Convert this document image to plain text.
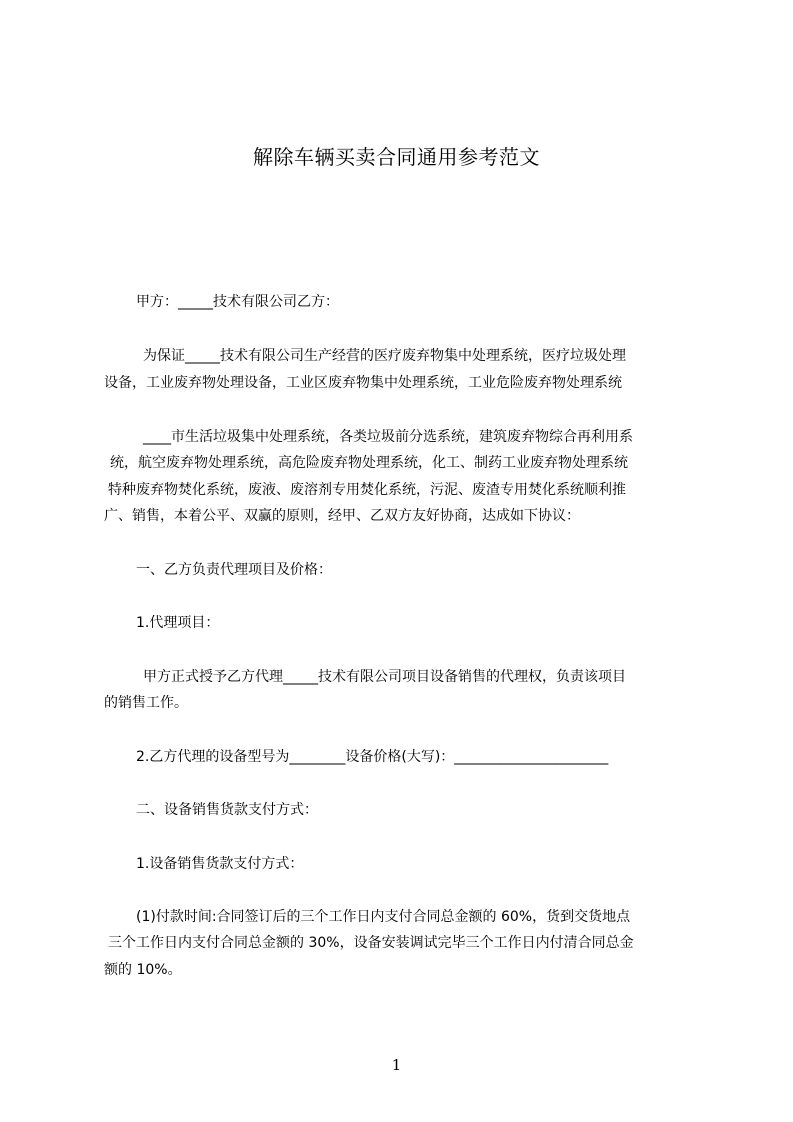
解除车辆买卖合同通用参考范文
甲方：_____技术有限公司乙方：
为保证_____技术有限公司生产经营的医疗废弃物集中处理系统，医疗垃圾处理
设备，工业废弃物处理设备，工业区废弃物集中处理系统，工业危险废弃物处理系统
____市生活垃圾集中处理系统，各类垃圾前分选系统，建筑废弃物综合再利用系
统，航空废弃物处理系统，高危险废弃物处理系统，化工、制药工业废弃物处理系统
特种废弃物焚化系统，废液、废溶剂专用焚化系统，污泥、废渣专用焚化系统顺利推
广、销售，本着公平、双赢的原则，经甲、乙双方友好协商，达成如下协议：
一、乙方负责代理项目及价格：
1.代理项目：
甲方正式授予乙方代理_____技术有限公司项目设备销售的代理权，负责该项目
的销售工作。
2.乙方代理的设备型号为________设备价格(大写)：______________________
二、设备销售货款支付方式：
1.设备销售货款支付方式：
(1)付款时间:合同签订后的三个工作日内支付合同总金额的 60%，货到交货地点
三个工作日内支付合同总金额的 30%，设备安装调试完毕三个工作日内付清合同总金
额的 10%。
1
